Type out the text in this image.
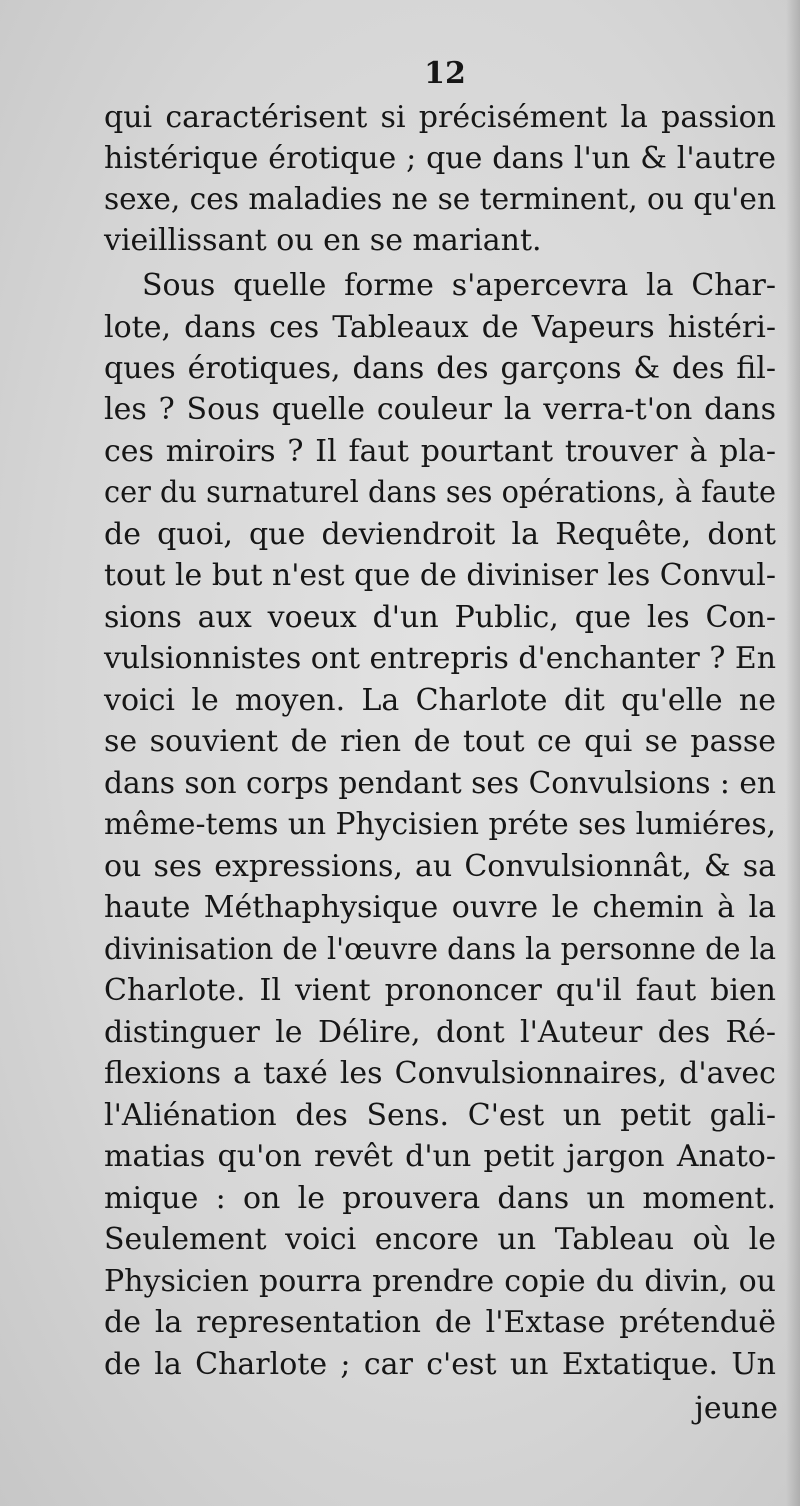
12
qui caractérisent si précisément la passion
histérique érotique ; que dans l'un & l'autre
sexe, ces maladies ne se terminent, ou qu'en
vieillissant ou en se mariant.
Sous quelle forme s'apercevra la Char-
lote, dans ces Tableaux de Vapeurs histéri-
ques érotiques, dans des garçons & des fil-
les ? Sous quelle couleur la verra-t'on dans
ces miroirs ? Il faut pourtant trouver à pla-
cer du surnaturel dans ses opérations, à faute
de quoi, que deviendroit la Requête, dont
tout le but n'est que de diviniser les Convul-
sions aux voeux d'un Public, que les Con-
vulsionnistes ont entrepris d'enchanter ? En
voici le moyen. La Charlote dit qu'elle ne
se souvient de rien de tout ce qui se passe
dans son corps pendant ses Convulsions : en
même-tems un Phycisien préte ses lumiéres,
ou ses expressions, au Convulsionnât, & sa
haute Méthaphysique ouvre le chemin à la
divinisation de l'œuvre dans la personne de la
Charlote. Il vient prononcer qu'il faut bien
distinguer le Délire, dont l'Auteur des Ré-
flexions a taxé les Convulsionnaires, d'avec
l'Aliénation des Sens. C'est un petit gali-
matias qu'on revêt d'un petit jargon Anato-
mique : on le prouvera dans un moment.
Seulement voici encore un Tableau où le
Physicien pourra prendre copie du divin, ou
de la representation de l'Extase prétenduë
de la Charlote ; car c'est un Extatique. Un
jeune
